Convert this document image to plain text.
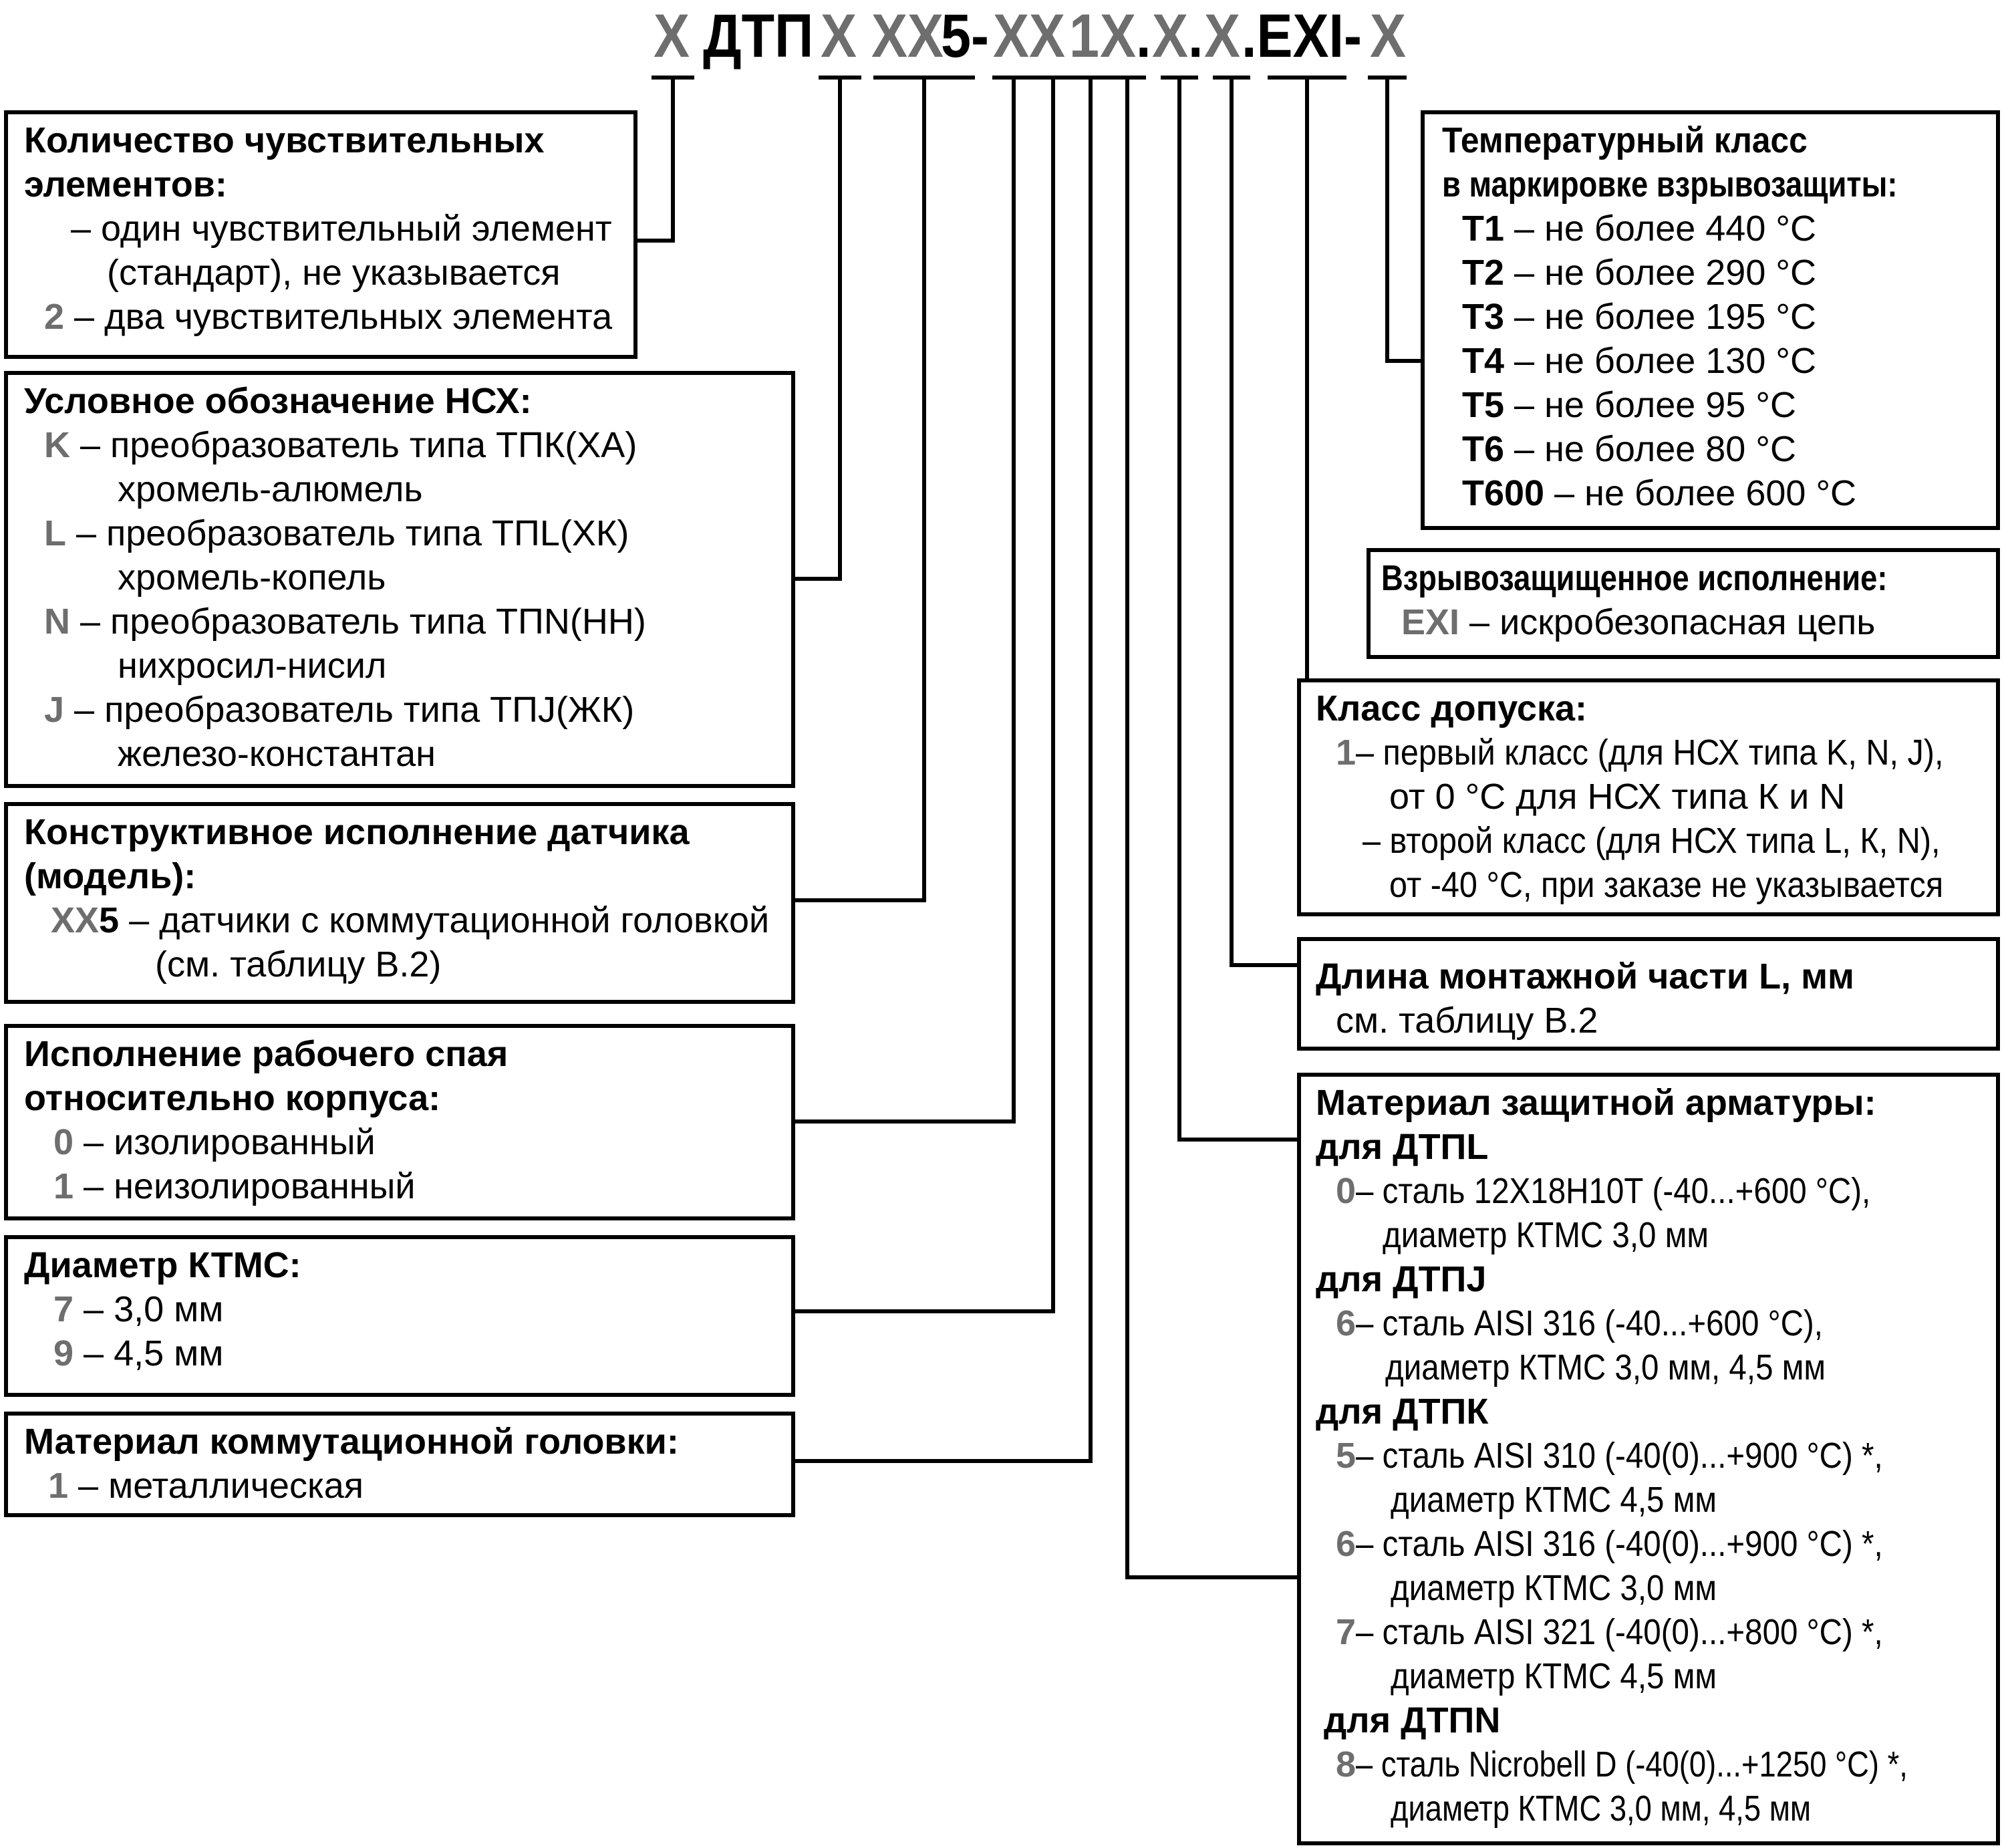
X ДТП X XX
5- XX 1 X . X . X .EXI- X
Количество чувствительных
элементов:
– один чувствительный элемент
(стандарт), не указывается
2 – два чувствительных элемента
Условное обозначение НСХ:
K – преобразователь типа ТПК(ХА)
хромель-алюмель
L – преобразователь типа ТПL(ХК)
хромель-копель
N – преобразователь типа ТПN(НН)
нихросил-нисил
J – преобразователь типа ТПJ(ЖК)
железо-константан
Конструктивное исполнение датчика
(модель):
XX5 – датчики с коммутационной головкой
(см. таблицу В.2)
Исполнение рабочего спая
относительно корпуса:
0 – изолированный
1 – неизолированный
Диаметр КТМС:
7 – 3,0 мм
9 – 4,5 мм
Материал коммутационной головки:
1 – металлическая
Температурный класс
в маркировке взрывозащиты:
Т1 – не более 440 °С
Т2 – не более 290 °С
Т3 – не более 195 °С
Т4 – не более 130 °С
Т5 – не более 95 °С
Т6 – не более 80 °С
Т600 – не более 600 °С
Взрывозащищенное исполнение:
EXI – искробезопасная цепь
Класс допуска:
1– первый класс (для НСХ типа K, N, J),
от 0 °С для НСХ типа К и N
– второй класс (для НСХ типа L, К, N),
от -40 °С, при заказе не указывается
Длина монтажной части L, мм
см. таблицу В.2
Материал защитной арматуры:
для ДТПL
0– сталь 12Х18Н10Т (-40...+600 °С),
диаметр КТМС 3,0 мм
для ДТПJ
6– сталь AISI 316 (-40...+600 °С),
диаметр КТМС 3,0 мм, 4,5 мм
для ДТПК
5– сталь AISI 310 (-40(0)...+900 °С) *,
диаметр КТМС 4,5 мм
6– сталь AISI 316 (-40(0)...+900 °С) *,
диаметр КТМС 3,0 мм
7– сталь AISI 321 (-40(0)...+800 °С) *,
диаметр КТМС 4,5 мм
для ДТПN
8– сталь Nicrobell D (-40(0)...+1250 °С) *,
диаметр КТМС 3,0 мм, 4,5 мм
